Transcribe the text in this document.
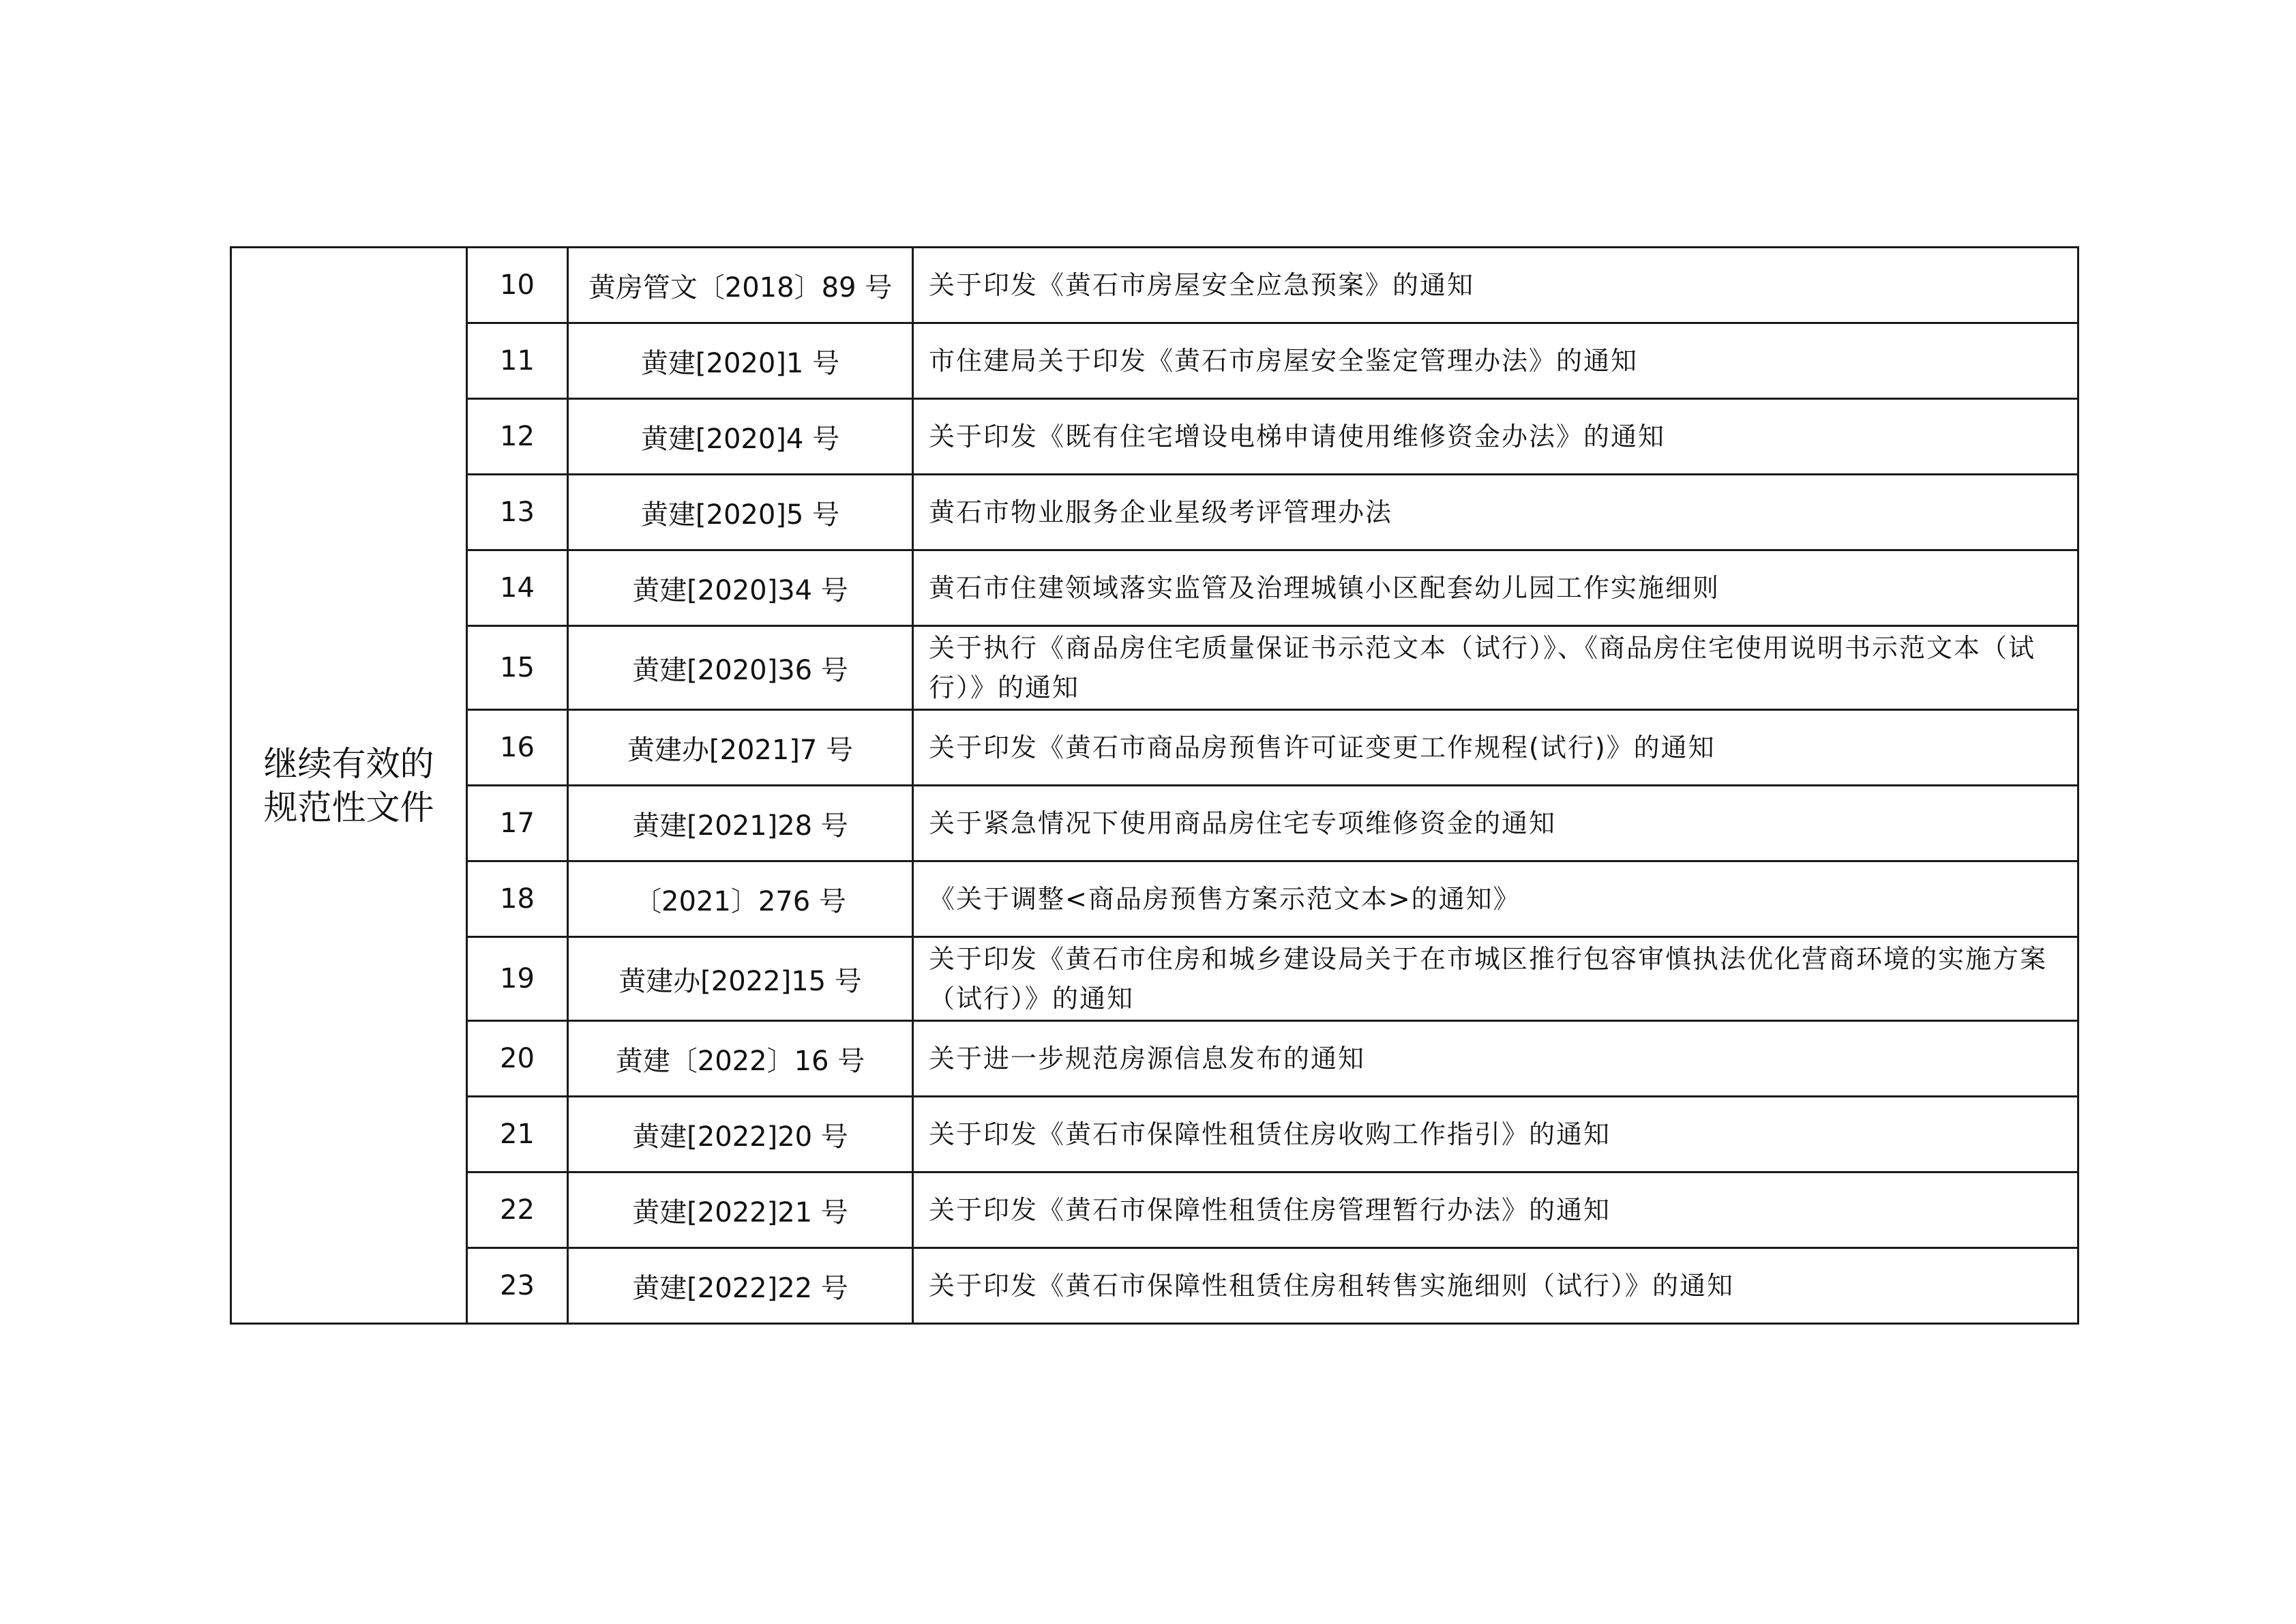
继续有效的
规范性文件	10	黄房管文〔2018〕89 号	关于印发《黄石市房屋安全应急预案》的通知
	11	黄建[2020]1 号	市住建局关于印发《黄石市房屋安全鉴定管理办法》的通知
	12	黄建[2020]4 号	关于印发《既有住宅增设电梯申请使用维修资金办法》的通知
	13	黄建[2020]5 号	黄石市物业服务企业星级考评管理办法
	14	黄建[2020]34 号	黄石市住建领域落实监管及治理城镇小区配套幼儿园工作实施细则
	15	黄建[2020]36 号	关于执行《商品房住宅质量保证书示范文本（试行）》、《商品房住宅使用说明书示范文本（试行）》的通知
	16	黄建办[2021]7 号	关于印发《黄石市商品房预售许可证变更工作规程(试行)》的通知
	17	黄建[2021]28 号	关于紧急情况下使用商品房住宅专项维修资金的通知
	18	〔2021〕276 号	《关于调整<商品房预售方案示范文本>的通知》
	19	黄建办[2022]15 号	关于印发《黄石市住房和城乡建设局关于在市城区推行包容审慎执法优化营商环境的实施方案（试行）》的通知
	20	黄建〔2022〕16 号	关于进一步规范房源信息发布的通知
	21	黄建[2022]20 号	关于印发《黄石市保障性租赁住房收购工作指引》的通知
	22	黄建[2022]21 号	关于印发《黄石市保障性租赁住房管理暂行办法》的通知
	23	黄建[2022]22 号	关于印发《黄石市保障性租赁住房租转售实施细则（试行）》的通知
